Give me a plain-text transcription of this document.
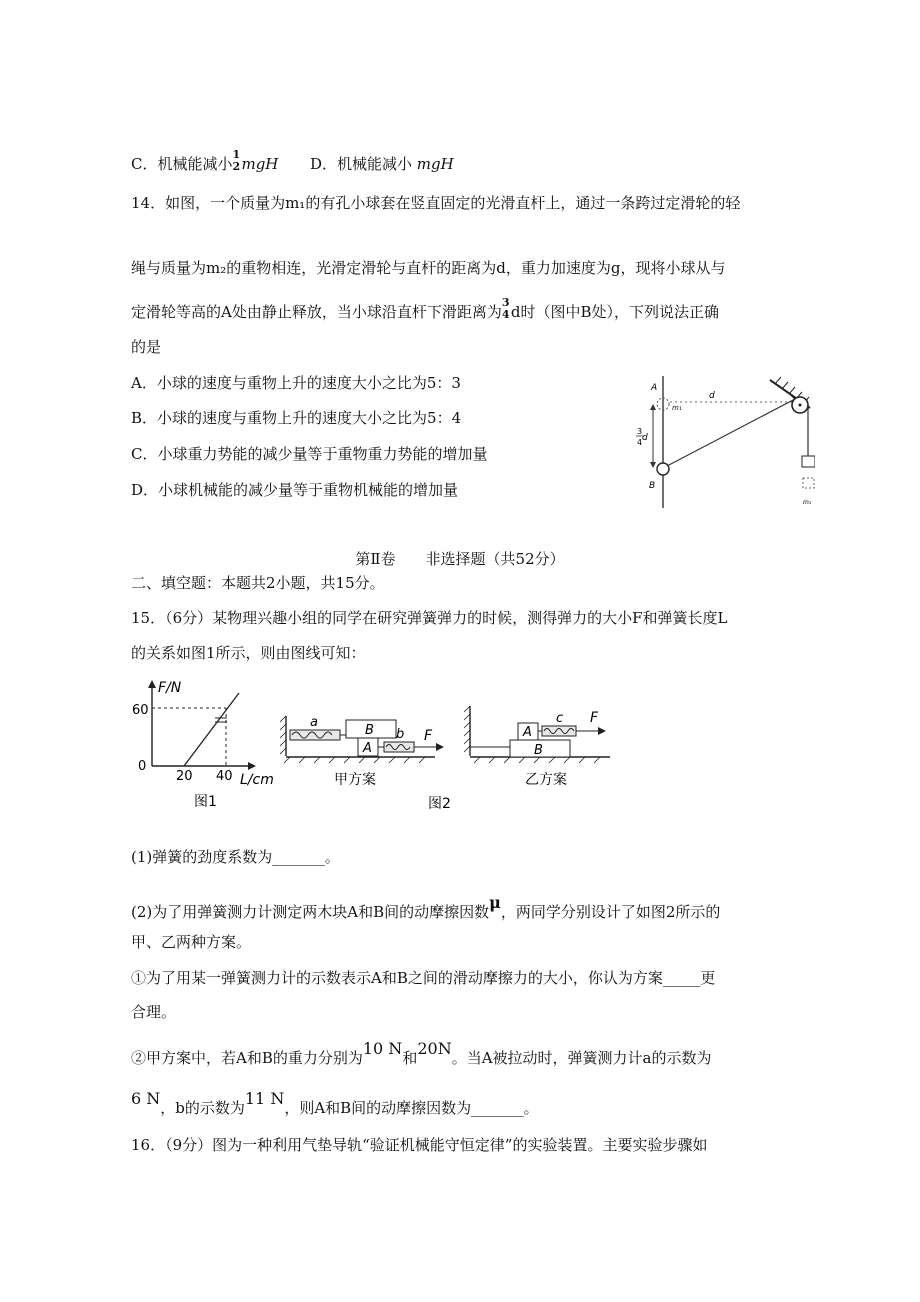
C．机械能减小
1
2 mgH D．机械能减小 mgH
14．如图，一个质量为m₁的有孔小球套在竖直固定的光滑直杆上，通过一条跨过定滑轮的轻
绳与质量为m₂的重物相连，光滑定滑轮与直杆的距离为d，重力加速度为g，现将小球从与
定滑轮等高的A处由静止释放，当小球沿直杆下滑距离为
3
4 d时（图中B处），下列说法正确
的是
A．小球的速度与重物上升的速度大小之比为5：3
B．小球的速度与重物上升的速度大小之比为5：4
C．小球重力势能的减少量等于重物重力势能的增加量
D．小球机械能的减少量等于重物机械能的增加量
A
B
m₁
d
3
4 d
m₂
第Ⅱ卷　　非选择题（共52分）
二、填空题：本题共2小题，共15分。
15．（6分）某物理兴趣小组的同学在研究弹簧弹力的时候，测得弹力的大小F和弹簧长度L
的关系如图1所示，则由图线可知：
F/N
60
0
20 40 L/cm
图1
a
B
A
b F
甲方案
图2
B
A
c F
乙方案
(1)弹簧的劲度系数为_______。
(2)为了用弹簧测力计测定两木块A和B间的动摩擦因数μ，两同学分别设计了如图2所示的
甲、乙两种方案。
①为了用某一弹簧测力计的示数表示A和B之间的滑动摩擦力的大小，你认为方案_____更
合理。
②甲方案中，若A和B的重力分别为10 N和20N。当A被拉动时，弹簧测力计a的示数为
6 N，b的示数为11 N，则A和B间的动摩擦因数为_______。
16．（9分）图为一种利用气垫导轨“验证机械能守恒定律”的实验装置。主要实验步骤如
